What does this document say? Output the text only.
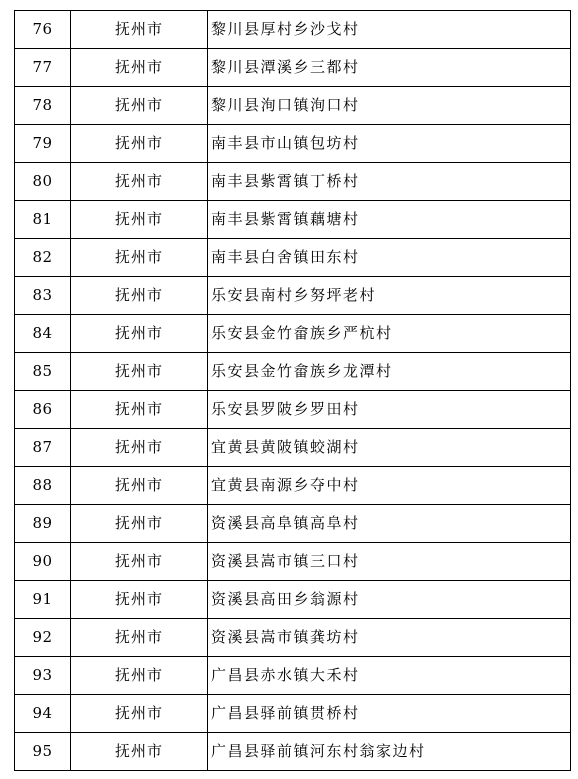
76	抚州市	黎川县厚村乡沙戈村
77	抚州市	黎川县潭溪乡三都村
78	抚州市	黎川县洵口镇洵口村
79	抚州市	南丰县市山镇包坊村
80	抚州市	南丰县紫霄镇丁桥村
81	抚州市	南丰县紫霄镇藕塘村
82	抚州市	南丰县白舍镇田东村
83	抚州市	乐安县南村乡努坪老村
84	抚州市	乐安县金竹畲族乡严杭村
85	抚州市	乐安县金竹畲族乡龙潭村
86	抚州市	乐安县罗陂乡罗田村
87	抚州市	宜黄县黄陂镇蛟湖村
88	抚州市	宜黄县南源乡夺中村
89	抚州市	资溪县高阜镇高阜村
90	抚州市	资溪县嵩市镇三口村
91	抚州市	资溪县高田乡翁源村
92	抚州市	资溪县嵩市镇龚坊村
93	抚州市	广昌县赤水镇大禾村
94	抚州市	广昌县驿前镇贯桥村
95	抚州市	广昌县驿前镇河东村翁家边村
